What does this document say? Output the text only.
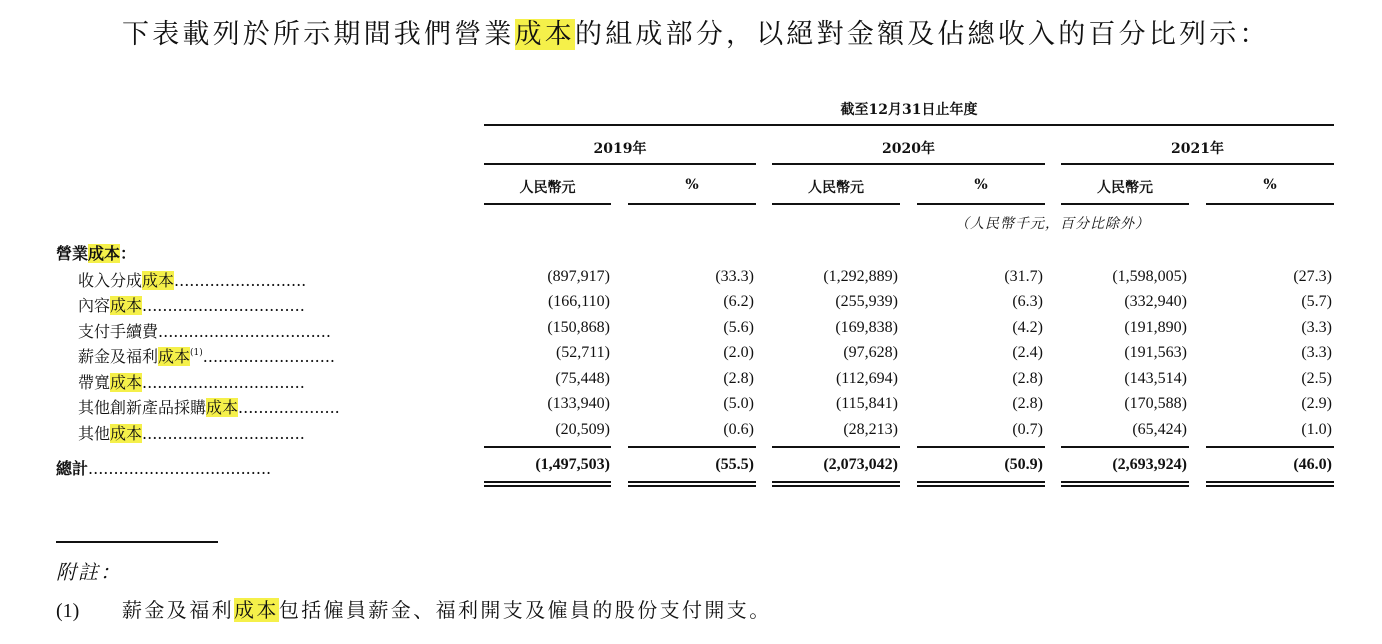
下表載列於所示期間我們營業成本的組成部分，以絕對金額及佔總收入的百分比列示：
截至12月31日止年度
2019年	2020年	2021年
人民幣元	%	人民幣元	%	人民幣元	%
（人民幣千元，百分比除外）
營業成本：
收入分成成本..........................	(897,917)	(33.3)	(1,292,889)	(31.7)	(1,598,005)	(27.3)
內容成本................................	(166,110)	(6.2)	(255,939)	(6.3)	(332,940)	(5.7)
支付手續費..................................	(150,868)	(5.6)	(169,838)	(4.2)	(191,890)	(3.3)
薪金及福利成本$^{(1)}$..........................	(52,711)	(2.0)	(97,628)	(2.4)	(191,563)	(3.3)
帶寬成本................................	(75,448)	(2.8)	(112,694)	(2.8)	(143,514)	(2.5)
其他創新產品採購成本....................	(133,940)	(5.0)	(115,841)	(2.8)	(170,588)	(2.9)
其他成本................................	(20,509)	(0.6)	(28,213)	(0.7)	(65,424)	(1.0)
總計....................................	(1,497,503)	(55.5)	(2,073,042)	(50.9)	(2,693,924)	(46.0)
附註：
(1) 薪金及福利成本包括僱員薪金、福利開支及僱員的股份支付開支。
